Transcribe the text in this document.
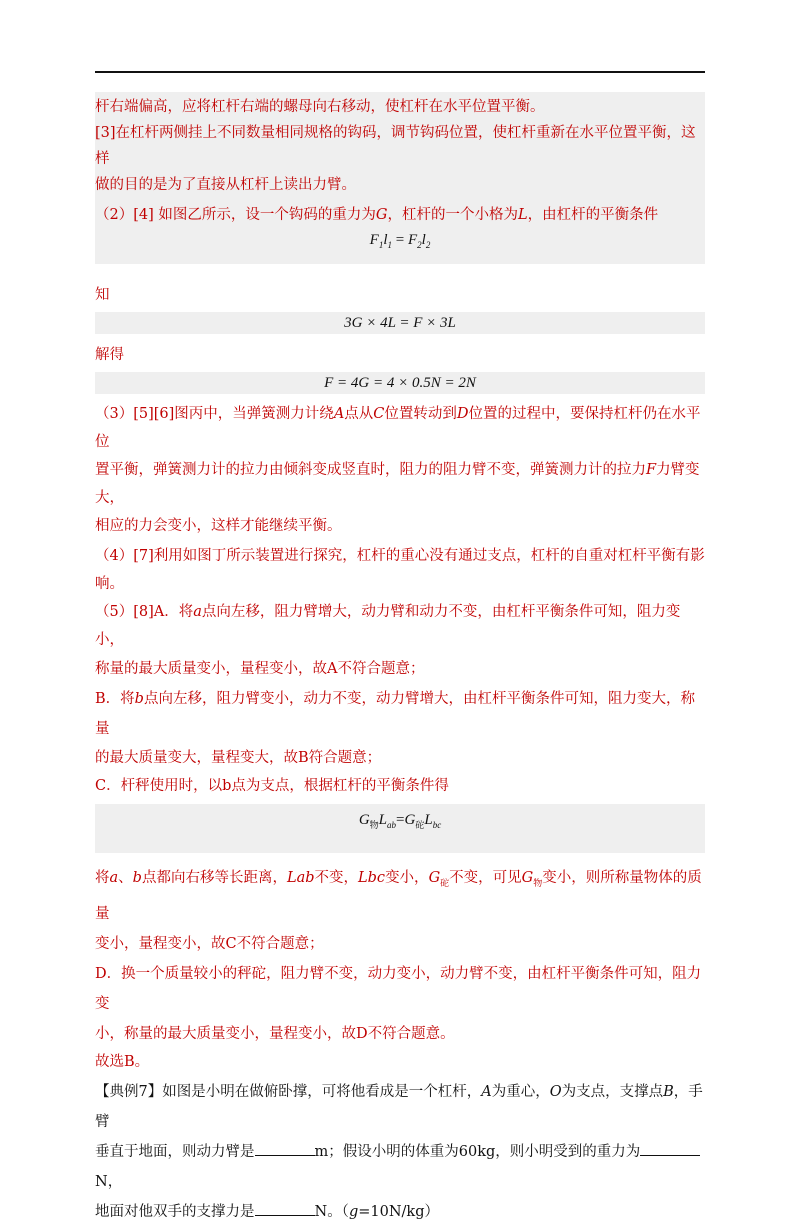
杆右端偏高，应将杠杆右端的螺母向右移动，使杠杆在水平位置平衡。

[3]在杠杆两侧挂上不同数量相同规格的钩码，调节钩码位置，使杠杆重新在水平位置平衡，这样

做的目的是为了直接从杠杆上读出力臂。

（2）[4] 如图乙所示，设一个钩码的重力为G，杠杆的一个小格为L，由杠杆的平衡条件

$F_1l_1 = F_2l_2$

知

3G × 4L = F × 3L

解得

F = 4G = 4 × 0.5N = 2N

（3）[5][6]图丙中，当弹簧测力计绕A点从C位置转动到D位置的过程中，要保持杠杆仍在水平位

置平衡，弹簧测力计的拉力由倾斜变成竖直时，阻力的阻力臂不变，弹簧测力计的拉力F力臂变大，

相应的力会变小，这样才能继续平衡。

（4）[7]利用如图丁所示装置进行探究，杠杆的重心没有通过支点，杠杆的自重对杠杆平衡有影响。

（5）[8]A．将a点向左移，阻力臂增大，动力臂和动力不变，由杠杆平衡条件可知，阻力变小，

称量的最大质量变小，量程变小，故A不符合题意；

B．将b点向左移，阻力臂变小，动力不变，动力臂增大，由杠杆平衡条件可知，阻力变大，称量

的最大质量变大，量程变大，故B符合题意；

C．杆秤使用时，以b点为支点，根据杠杆的平衡条件得

$G_物L_{ab}=G_砣L_{bc}$

将a、b点都向右移等长距离，Lab不变，Lbc变小，$G_砣$不变，可见$G_物$变小，则所称量物体的质量

变小，量程变小，故C不符合题意；

D．换一个质量较小的秤砣，阻力臂不变，动力变小，动力臂不变，由杠杆平衡条件可知，阻力变

小，称量的最大质量变小，量程变小，故D不符合题意。

故选B。

【典例7】如图是小明在做俯卧撑，可将他看成是一个杠杆，A为重心，O为支点，支撑点B，手臂

垂直于地面，则动力臂是	m；假设小明的体重为60kg，则小明受到的重力为N，

地面对他双手的支撑力是	N。（g=10N/kg）
